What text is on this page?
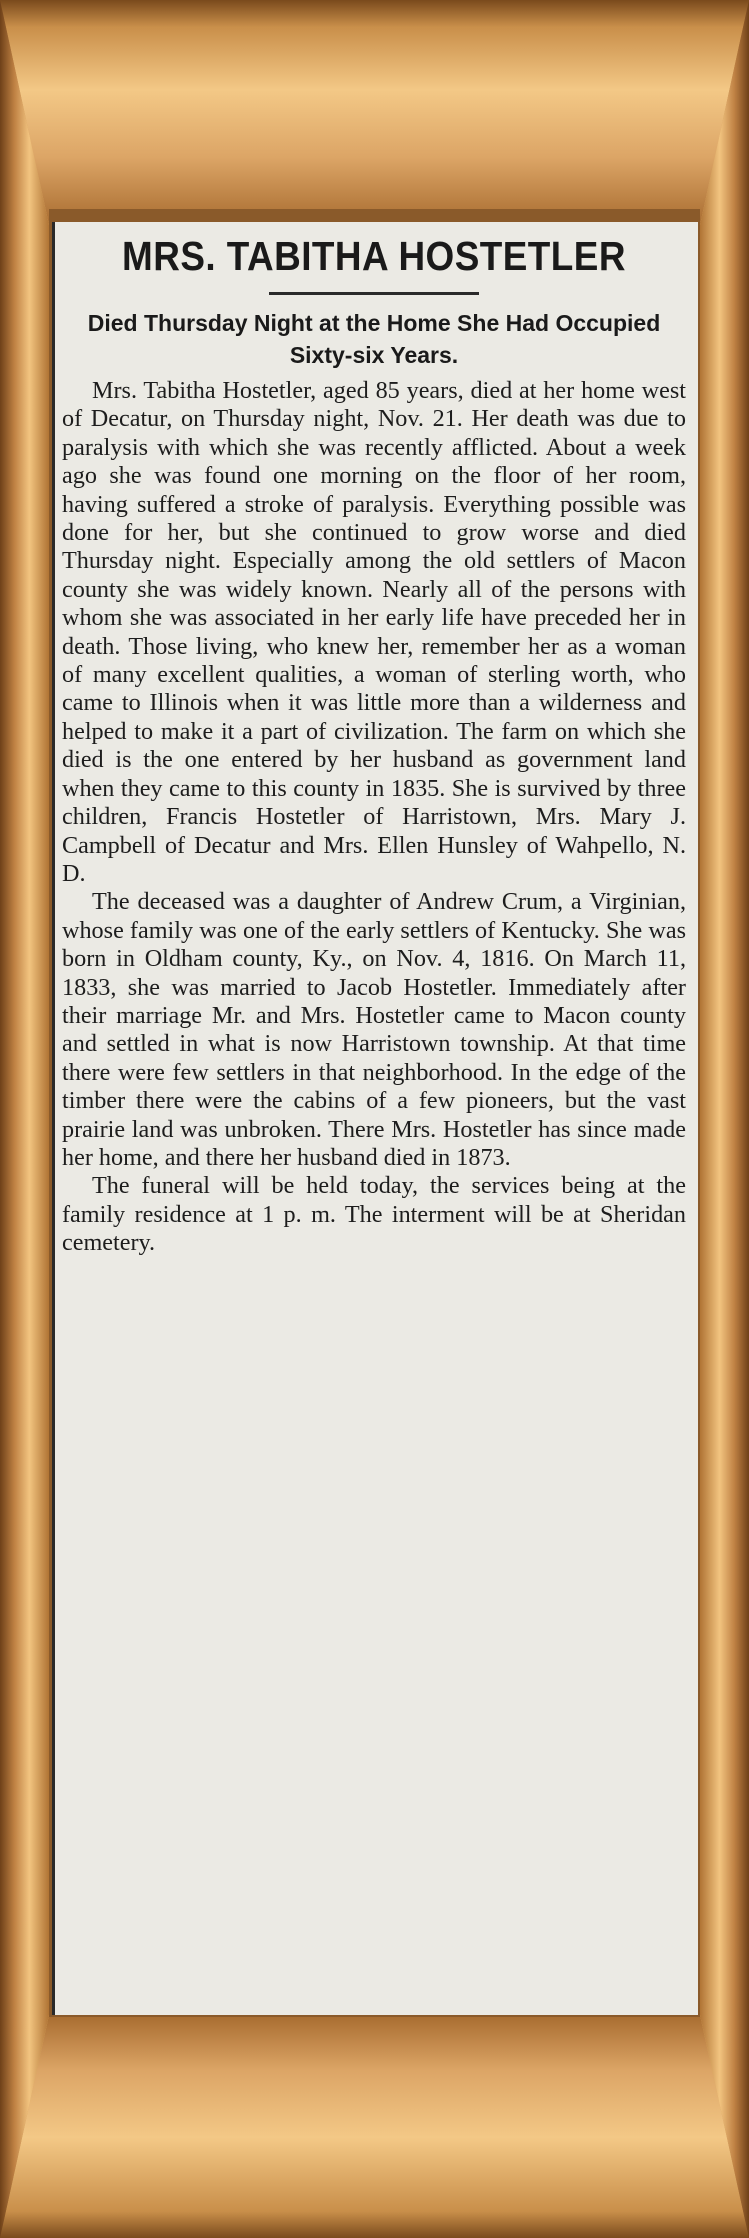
MRS. TABITHA HOSTETLER
Died Thursday Night at the Home She Had Occupied Sixty-six Years.

Mrs. Tabitha Hostetler, aged 85 years, died at her home west of Decatur, on Thursday night, Nov. 21. Her death was due to paralysis with which she was recently afflicted. About a week ago she was found one morning on the floor of her room, having suffered a stroke of paralysis. Everything possible was done for her, but she continued to grow worse and died Thursday night. Especially among the old settlers of Macon county she was widely known. Nearly all of the persons with whom she was associated in her early life have preceded her in death. Those living, who knew her, remember her as a woman of many excellent qualities, a woman of sterling worth, who came to Illinois when it was little more than a wilderness and helped to make it a part of civilization. The farm on which she died is the one entered by her husband as government land when they came to this county in 1835. She is survived by three children, Francis Hostetler of Harristown, Mrs. Mary J. Campbell of Decatur and Mrs. Ellen Hunsley of Wahpello, N. D.

The deceased was a daughter of Andrew Crum, a Virginian, whose family was one of the early settlers of Kentucky. She was born in Oldham county, Ky., on Nov. 4, 1816. On March 11, 1833, she was married to Jacob Hostetler. Immediately after their marriage Mr. and Mrs. Hostetler came to Macon county and settled in what is now Harristown township. At that time there were few settlers in that neighborhood. In the edge of the timber there were the cabins of a few pioneers, but the vast prairie land was unbroken. There Mrs. Hostetler has since made her home, and there her husband died in 1873.

The funeral will be held today, the services being at the family residence at 1 p. m. The interment will be at Sheridan cemetery.
